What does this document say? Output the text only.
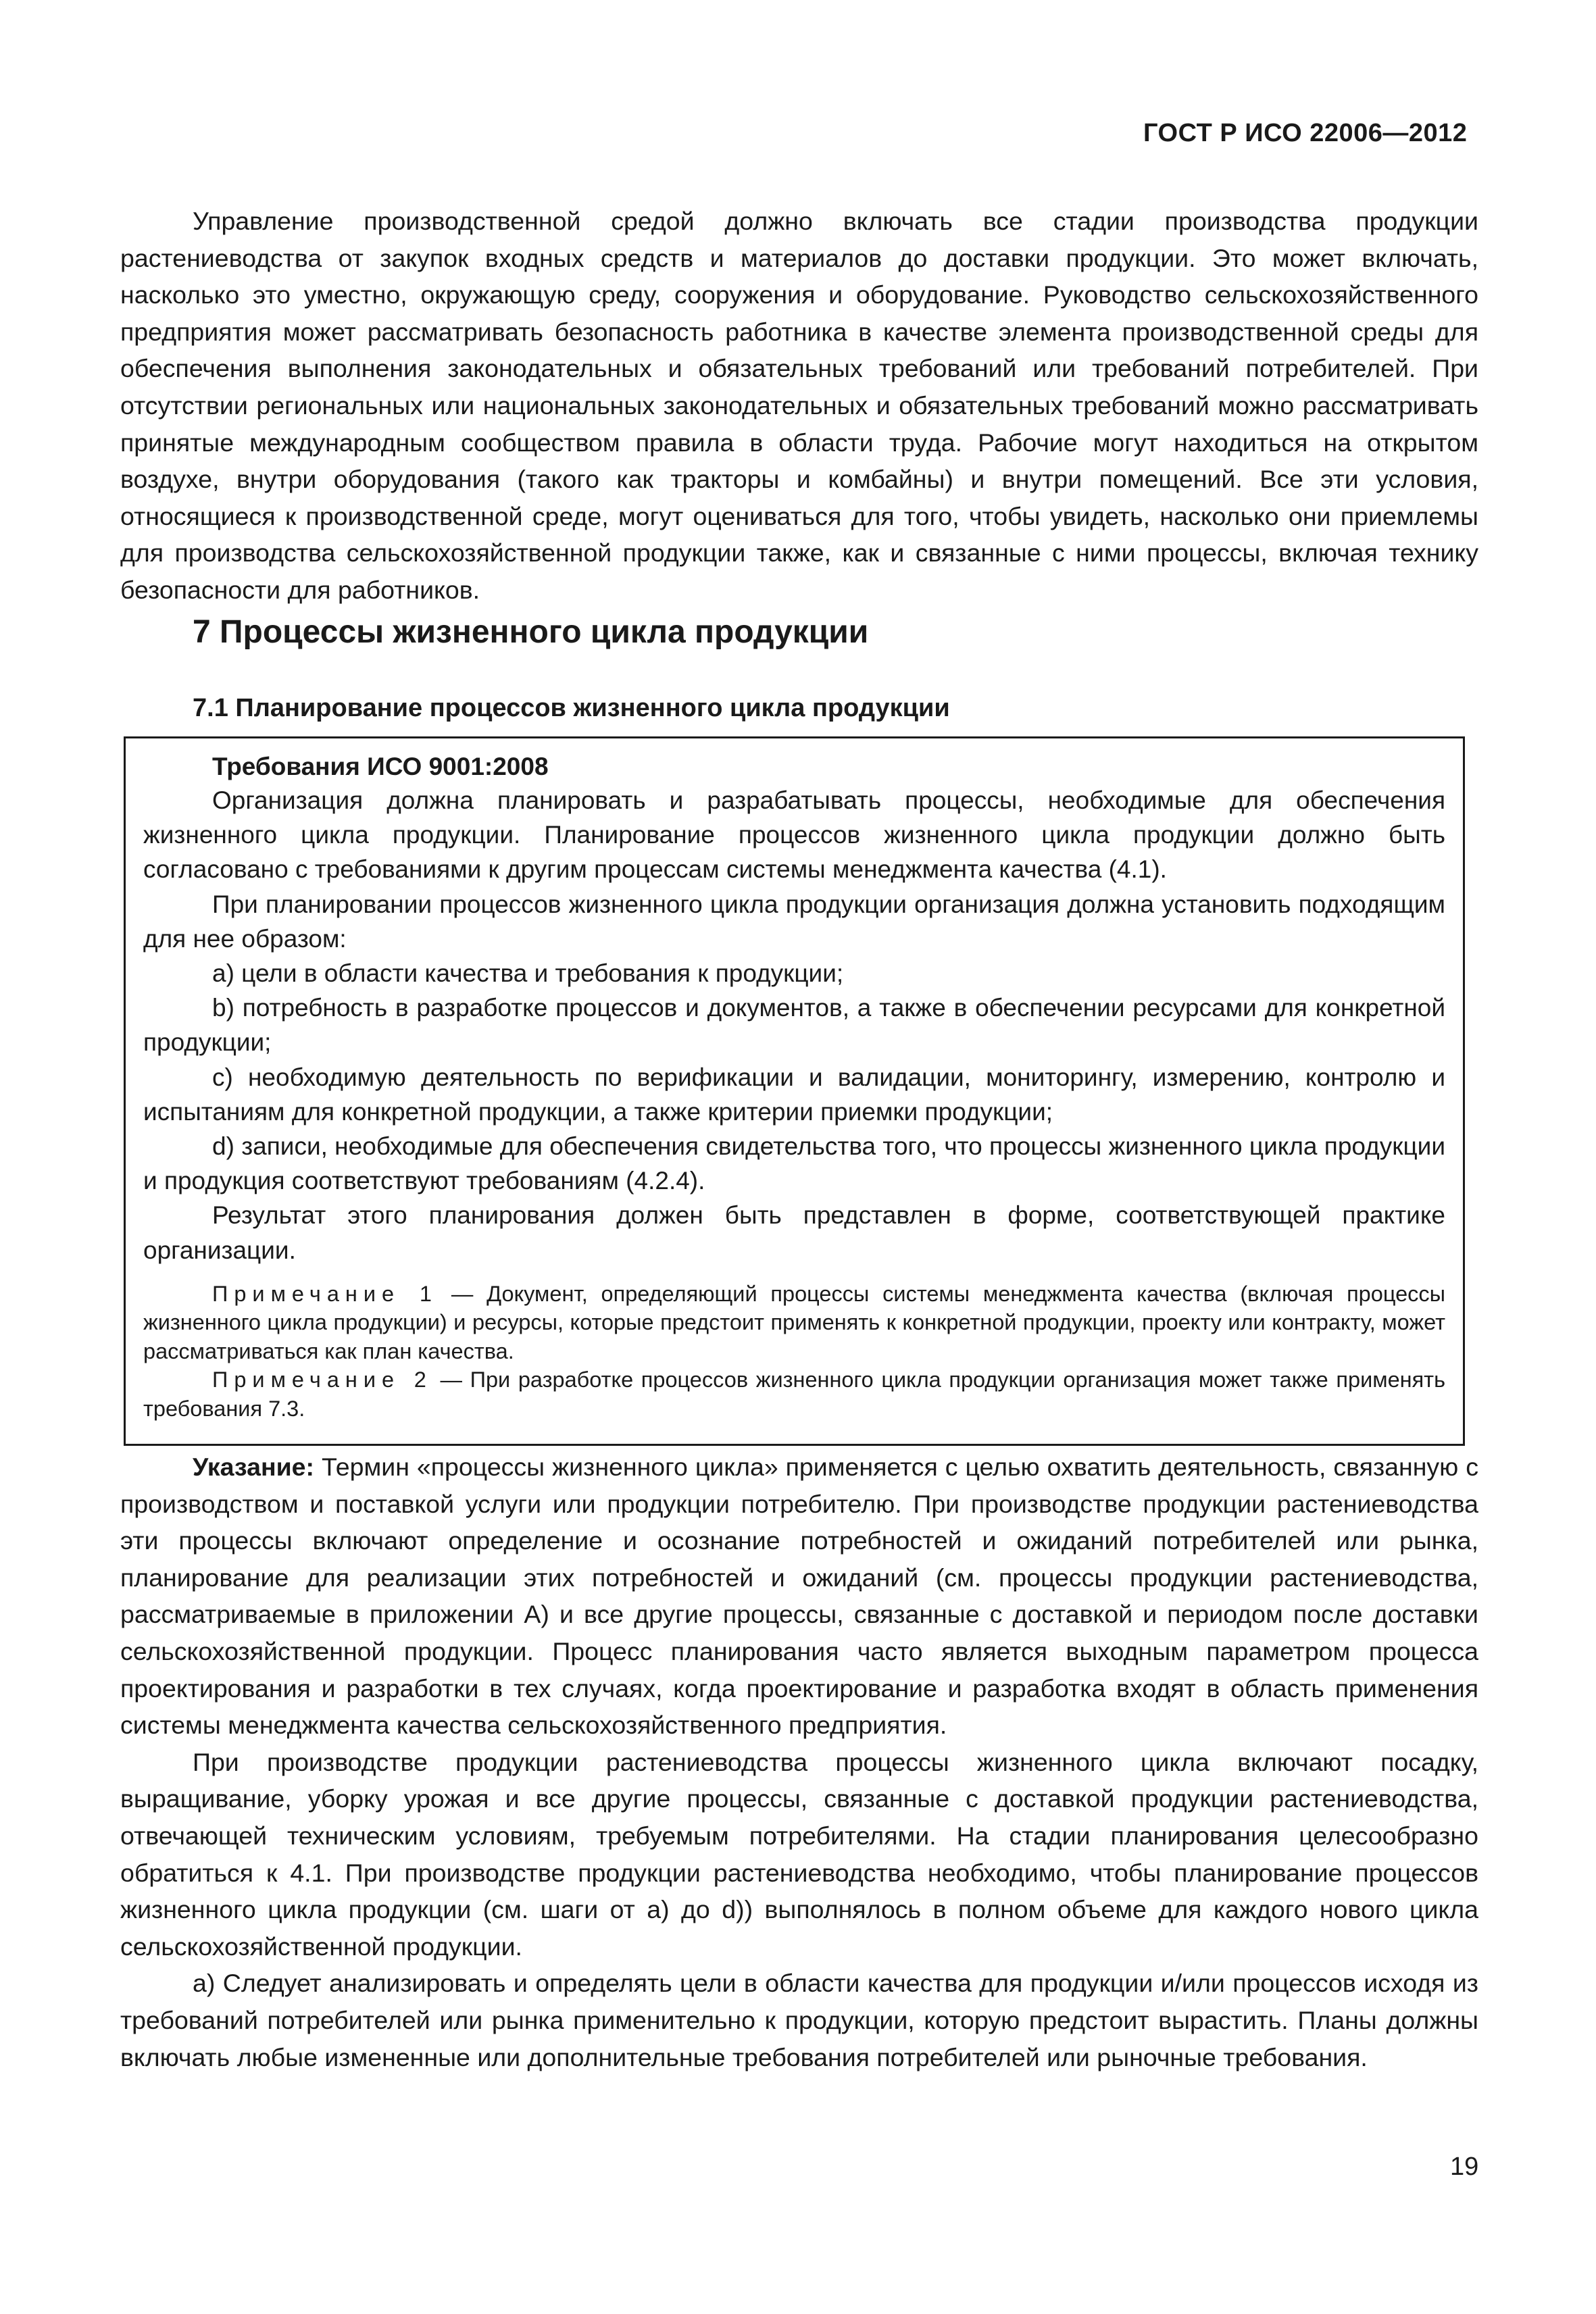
ГОСТ Р ИСО 22006—2012

Управление производственной средой должно включать все стадии производства продукции растениеводства от закупок входных средств и материалов до доставки продукции. Это может включать, насколько это уместно, окружающую среду, сооружения и оборудование. Руководство сельскохозяйственного предприятия может рассматривать безопасность работника в качестве элемента производственной среды для обеспечения выполнения законодательных и обязательных требований или требований потребителей. При отсутствии региональных или национальных законодательных и обязательных требований можно рассматривать принятые международным сообществом правила в области труда. Рабочие могут находиться на открытом воздухе, внутри оборудования (такого как тракторы и комбайны) и внутри помещений. Все эти условия, относящиеся к производственной среде, могут оцениваться для того, чтобы увидеть, насколько они приемлемы для производства сельскохозяйственной продукции также, как и связанные с ними процессы, включая технику безопасности для работников.

7 Процессы жизненного цикла продукции
7.1 Планирование процессов жизненного цикла продукции
Требования ИСО 9001:2008

Организация должна планировать и разрабатывать процессы, необходимые для обеспечения жизненного цикла продукции. Планирование процессов жизненного цикла продукции должно быть согласовано с требованиями к другим процессам системы менеджмента качества (4.1).

При планировании процессов жизненного цикла продукции организация должна установить подходящим для нее образом:

а) цели в области качества и требования к продукции;

b) потребность в разработке процессов и документов, а также в обеспечении ресурсами для конкретной продукции;

с) необходимую деятельность по верификации и валидации, мониторингу, измерению, контролю и испытаниям для конкретной продукции, а также критерии приемки продукции;

d) записи, необходимые для обеспечения свидетельства того, что процессы жизненного цикла продукции и продукция соответствуют требованиям (4.2.4).

Результат этого планирования должен быть представлен в форме, соответствующей практике организации.

Примечание 1 — Документ, определяющий процессы системы менеджмента качества (включая процессы жизненного цикла продукции) и ресурсы, которые предстоит применять к конкретной продукции, проекту или контракту, может рассматриваться как план качества.

Примечание 2 — При разработке процессов жизненного цикла продукции организация может также применять требования 7.3.

Указание: Термин «процессы жизненного цикла» применяется с целью охватить деятельность, связанную с производством и поставкой услуги или продукции потребителю. При производстве продукции растениеводства эти процессы включают определение и осознание потребностей и ожиданий потребителей или рынка, планирование для реализации этих потребностей и ожиданий (см. процессы продукции растениеводства, рассматриваемые в приложении А) и все другие процессы, связанные с доставкой и периодом после доставки сельскохозяйственной продукции. Процесс планирования часто является выходным параметром процесса проектирования и разработки в тех случаях, когда проектирование и разработка входят в область применения системы менеджмента качества сельскохозяйственного предприятия.

При производстве продукции растениеводства процессы жизненного цикла включают посадку, выращивание, уборку урожая и все другие процессы, связанные с доставкой продукции растениеводства, отвечающей техническим условиям, требуемым потребителями. На стадии планирования целесообразно обратиться к 4.1. При производстве продукции растениеводства необходимо, чтобы планирование процессов жизненного цикла продукции (см. шаги от а) до d)) выполнялось в полном объеме для каждого нового цикла сельскохозяйственной продукции.

а) Следует анализировать и определять цели в области качества для продукции и/или процессов исходя из требований потребителей или рынка применительно к продукции, которую предстоит вырастить. Планы должны включать любые измененные или дополнительные требования потребителей или рыночные требования.

19
